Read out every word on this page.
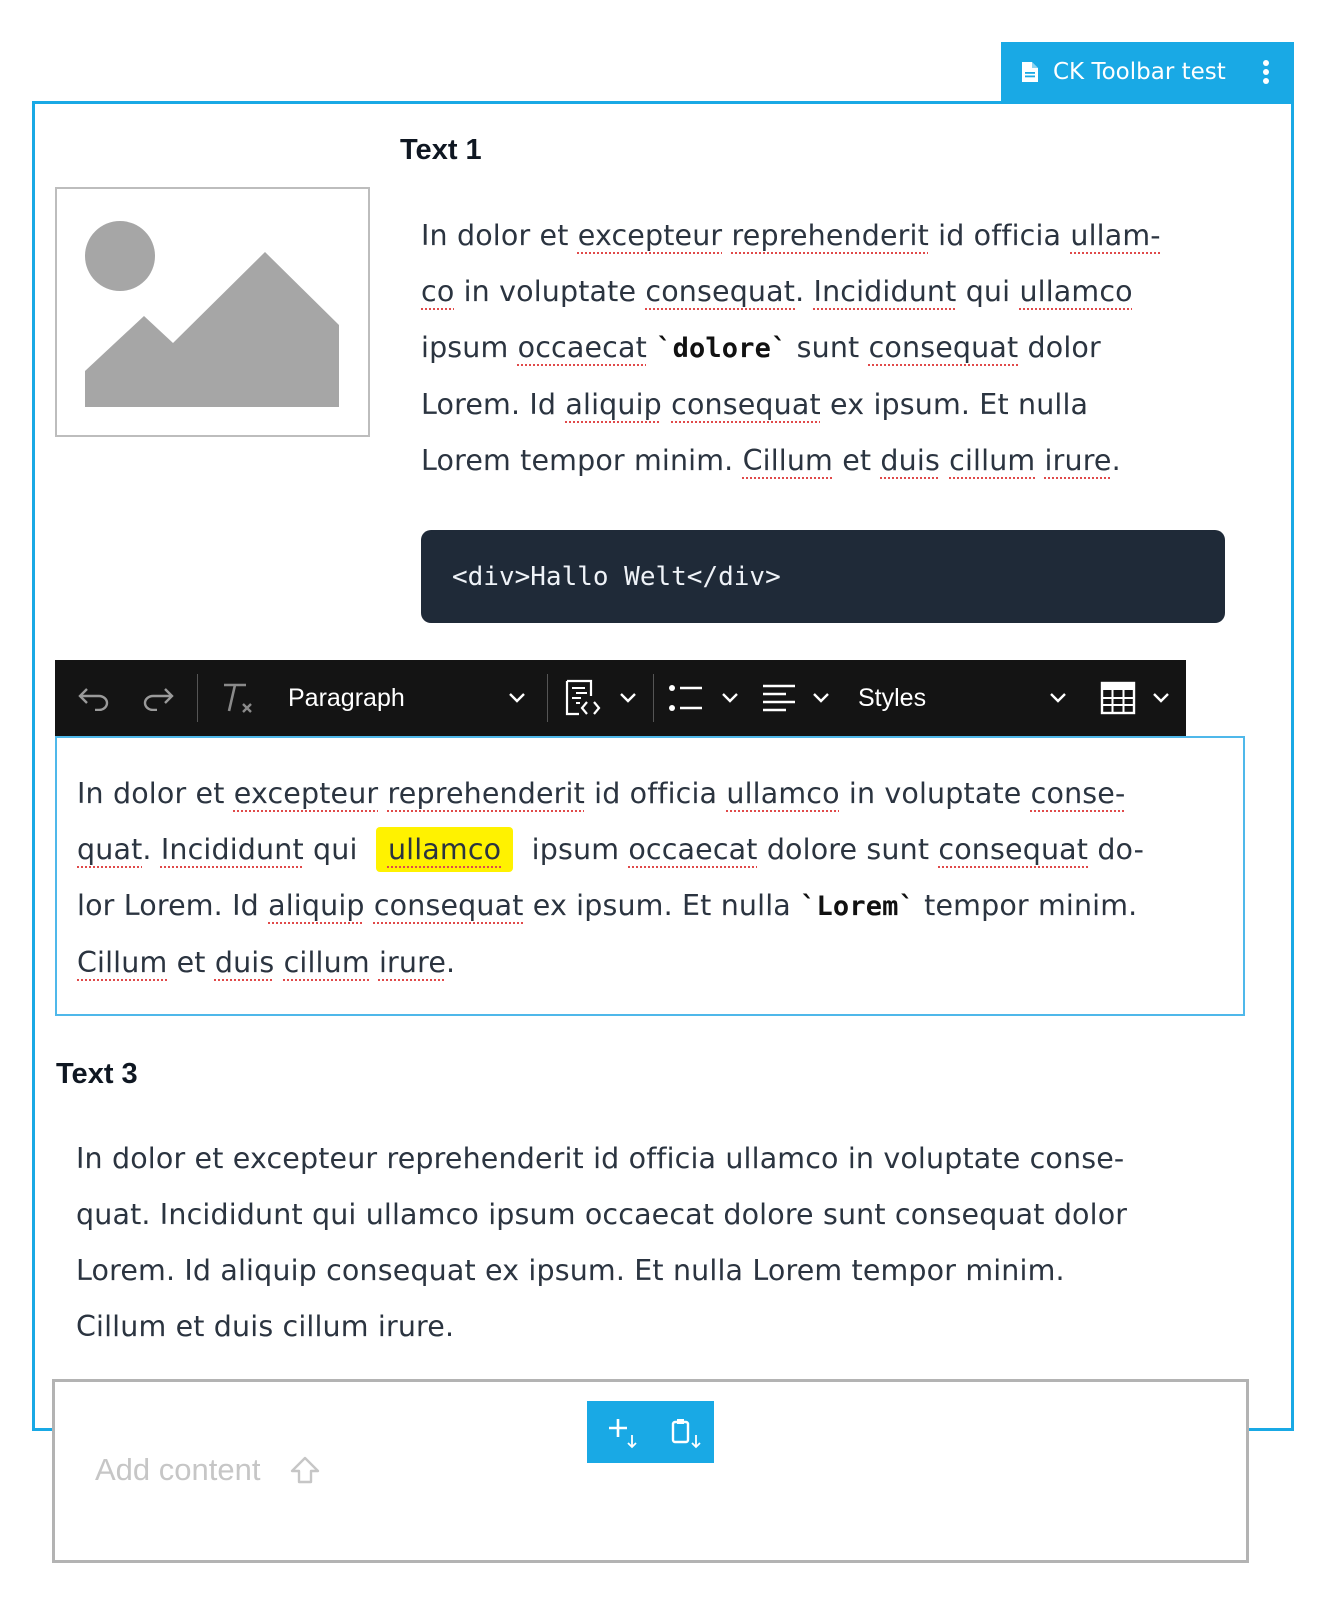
CK Toolbar test
Text 1
In dolor et excepteur reprehenderit id officia ullam-
co in voluptate consequat. Incididunt qui ullamco
ipsum occaecat `dolore` sunt consequat dolor
Lorem. Id aliquip consequat ex ipsum. Et nulla
Lorem tempor minim. Cillum et duis cillum irure.
<div>Hallo Welt</div>
Paragraph	Styles
In dolor et excepteur reprehenderit id officia ullamco in voluptate conse-
quat. Incididunt qui  ullamco  ipsum occaecat dolore sunt consequat do-
lor Lorem. Id aliquip consequat ex ipsum. Et nulla `Lorem` tempor minim.
Cillum et duis cillum irure.
Text 3
In dolor et excepteur reprehenderit id officia ullamco in voluptate conse-
quat. Incididunt qui ullamco ipsum occaecat dolore sunt consequat dolor
Lorem. Id aliquip consequat ex ipsum. Et nulla Lorem tempor minim.
Cillum et duis cillum irure.
Add content
